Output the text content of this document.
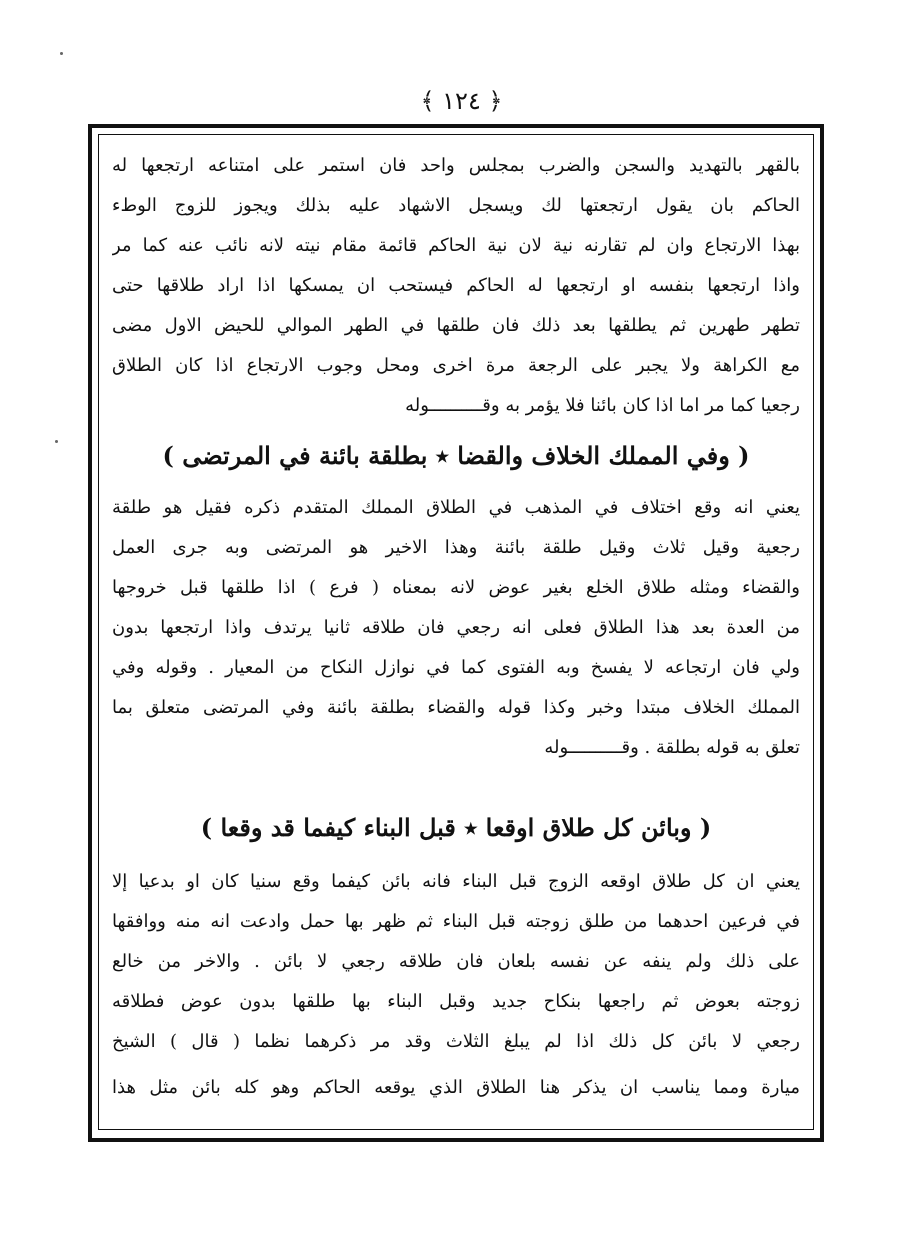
﴿ ١٢٤ ﴾
بالقهر بالتهديد والسجن والضرب بمجلس واحد فان استمر على امتناعه ارتجعها له
الحاكم بان يقول ارتجعتها لك ويسجل الاشهاد عليه بذلك ويجوز للزوج الوطء
بهذا الارتجاع وان لم تقارنه نية لان نية الحاكم قائمة مقام نيته لانه نائب عنه كما مر
واذا ارتجعها بنفسه او ارتجعها له الحاكم فيستحب ان يمسكها اذا اراد طلاقها حتى
تطهر طهرين ثم يطلقها بعد ذلك فان طلقها في الطهر الموالي للحيض الاول مضى
مع الكراهة ولا يجبر على الرجعة مرة اخرى ومحل وجوب الارتجاع اذا كان الطلاق
رجعيا كما مر اما اذا كان بائنا فلا يؤمر به وقــــــــــوله
( وفي المملك الخلاف والقضا ٭ بطلقة بائنة في المرتضى )
يعني انه وقع اختلاف في المذهب في الطلاق المملك المتقدم ذكره فقيل هو طلقة
رجعية وقيل ثلاث وقيل طلقة بائنة وهذا الاخير هو المرتضى وبه جرى العمل
والقضاء ومثله طلاق الخلع بغير عوض لانه بمعناه ( فرع ) اذا طلقها قبل خروجها
من العدة بعد هذا الطلاق فعلى انه رجعي فان طلاقه ثانيا يرتدف واذا ارتجعها بدون
ولي فان ارتجاعه لا يفسخ وبه الفتوى كما في نوازل النكاح من المعيار . وقوله وفي
المملك الخلاف مبتدا وخبر وكذا قوله والقضاء بطلقة بائنة وفي المرتضى متعلق بما
تعلق به قوله بطلقة . وقــــــــــوله
( وبائن كل طلاق اوقعا ٭ قبل البناء كيفما قد وقعا )
يعني ان كل طلاق اوقعه الزوج قبل البناء فانه بائن كيفما وقع سنيا كان او بدعيا إلا
في فرعين احدهما من طلق زوجته قبل البناء ثم ظهر بها حمل وادعت انه منه ووافقها
على ذلك ولم ينفه عن نفسه بلعان فان طلاقه رجعي لا بائن . والاخر من خالع
زوجته بعوض ثم راجعها بنكاح جديد وقبل البناء بها طلقها بدون عوض فطلاقه
رجعي لا بائن كل ذلك اذا لم يبلغ الثلاث وقد مر ذكرهما نظما ( قال ) الشيخ
ميارة ومما يناسب ان يذكر هنا الطلاق الذي يوقعه الحاكم وهو كله بائن مثل هذا
